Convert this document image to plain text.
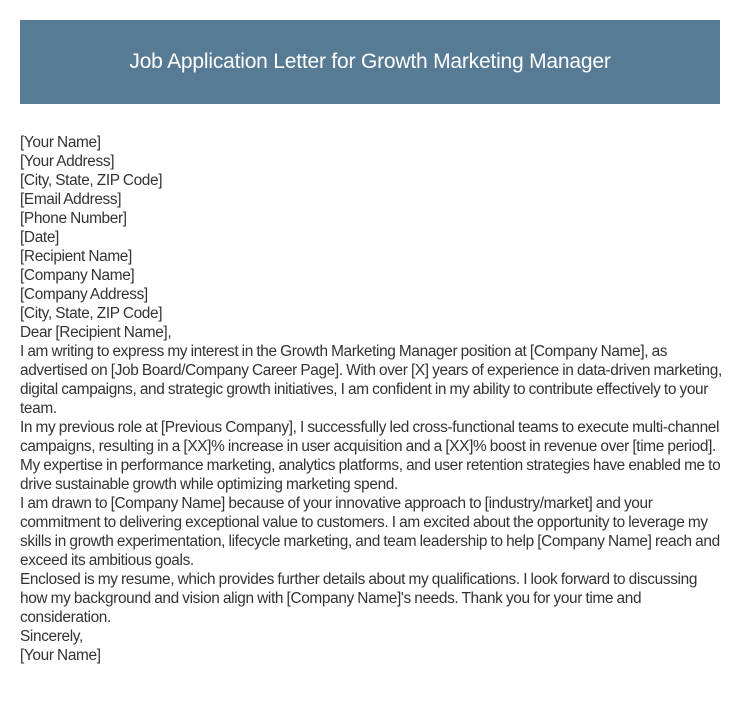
Job Application Letter for Growth Marketing Manager

[Your Name]

[Your Address]

[City, State, ZIP Code]

[Email Address]

[Phone Number]

[Date]

[Recipient Name]

[Company Name]

[Company Address]

[City, State, ZIP Code]

Dear [Recipient Name],

I am writing to express my interest in the Growth Marketing Manager position at [Company Name], as advertised on [Job Board/Company Career Page]. With over [X] years of experience in data-driven marketing, digital campaigns, and strategic growth initiatives, I am confident in my ability to contribute effectively to your team.

In my previous role at [Previous Company], I successfully led cross-functional teams to execute multi-channel campaigns, resulting in a [XX]% increase in user acquisition and a [XX]% boost in revenue over [time period]. My expertise in performance marketing, analytics platforms, and user retention strategies have enabled me to drive sustainable growth while optimizing marketing spend.

I am drawn to [Company Name] because of your innovative approach to [industry/market] and your commitment to delivering exceptional value to customers. I am excited about the opportunity to leverage my skills in growth experimentation, lifecycle marketing, and team leadership to help [Company Name] reach and exceed its ambitious goals.

Enclosed is my resume, which provides further details about my qualifications. I look forward to discussing how my background and vision align with [Company Name]'s needs. Thank you for your time and consideration.

Sincerely,

[Your Name]
